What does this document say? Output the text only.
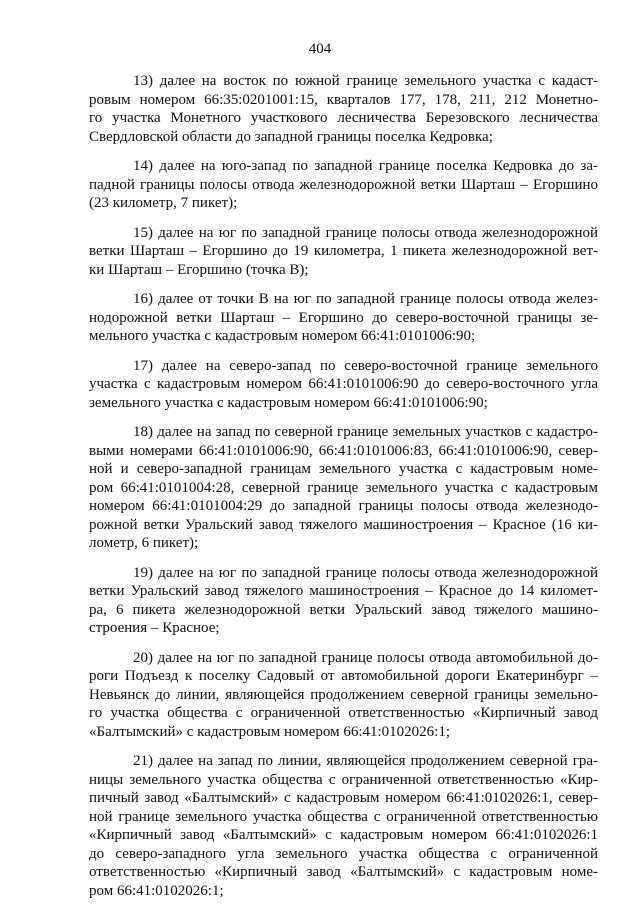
404

13) далее на восток по южной границе земельного участка с кадаст-
ровым номером 66:35:0201001:15, кварталов 177, 178, 211, 212 Монетно-
го участка Монетного участкового лесничества Березовского лесничества
Свердловской области до западной границы поселка Кедровка;

14) далее на юго-запад по западной границе поселка Кедровка до за-
падной границы полосы отвода железнодорожной ветки Шарташ – Егоршино
(23 километр, 7 пикет);

15) далее на юг по западной границе полосы отвода железнодорожной
ветки Шарташ – Егоршино до 19 километра, 1 пикета железнодорожной вет-
ки Шарташ – Егоршино (точка В);

16) далее от точки В на юг по западной границе полосы отвода желез-
нодорожной ветки Шарташ – Егоршино до северо-восточной границы зе-
мельного участка с кадастровым номером 66:41:0101006:90;

17) далее на северо-запад по северо-восточной границе земельного
участка с кадастровым номером 66:41:0101006:90 до северо-восточного угла
земельного участка с кадастровым номером 66:41:0101006:90;

18) далее на запад по северной границе земельных участков с кадастро-
выми номерами 66:41:0101006:90, 66:41:0101006:83, 66:41:0101006:90, север-
ной и северо-западной границам земельного участка с кадастровым номе-
ром 66:41:0101004:28, северной границе земельного участка с кадастровым
номером 66:41:0101004:29 до западной границы полосы отвода железнодо-
рожной ветки Уральский завод тяжелого машиностроения – Красное (16 ки-
лометр, 6 пикет);

19) далее на юг по западной границе полосы отвода железнодорожной
ветки Уральский завод тяжелого машиностроения – Красное до 14 километ-
ра, 6 пикета железнодорожной ветки Уральский завод тяжелого машино-
строения – Красное;

20) далее на юг по западной границе полосы отвода автомобильной до-
роги Подъезд к поселку Садовый от автомобильной дороги Екатеринбург –
Невьянск до линии, являющейся продолжением северной границы земельно-
го участка общества с ограниченной ответственностью «Кирпичный завод
«Балтымский» с кадастровым номером 66:41:0102026:1;

21) далее на запад по линии, являющейся продолжением северной гра-
ницы земельного участка общества с ограниченной ответственностью «Кир-
пичный завод «Балтымский» с кадастровым номером 66:41:0102026:1, север-
ной границе земельного участка общества с ограниченной ответственностью
«Кирпичный завод «Балтымский» с кадастровым номером 66:41:0102026:1
до северо-западного угла земельного участка общества с ограниченной
ответственностью «Кирпичный завод «Балтымский» с кадастровым номе-
ром 66:41:0102026:1;
